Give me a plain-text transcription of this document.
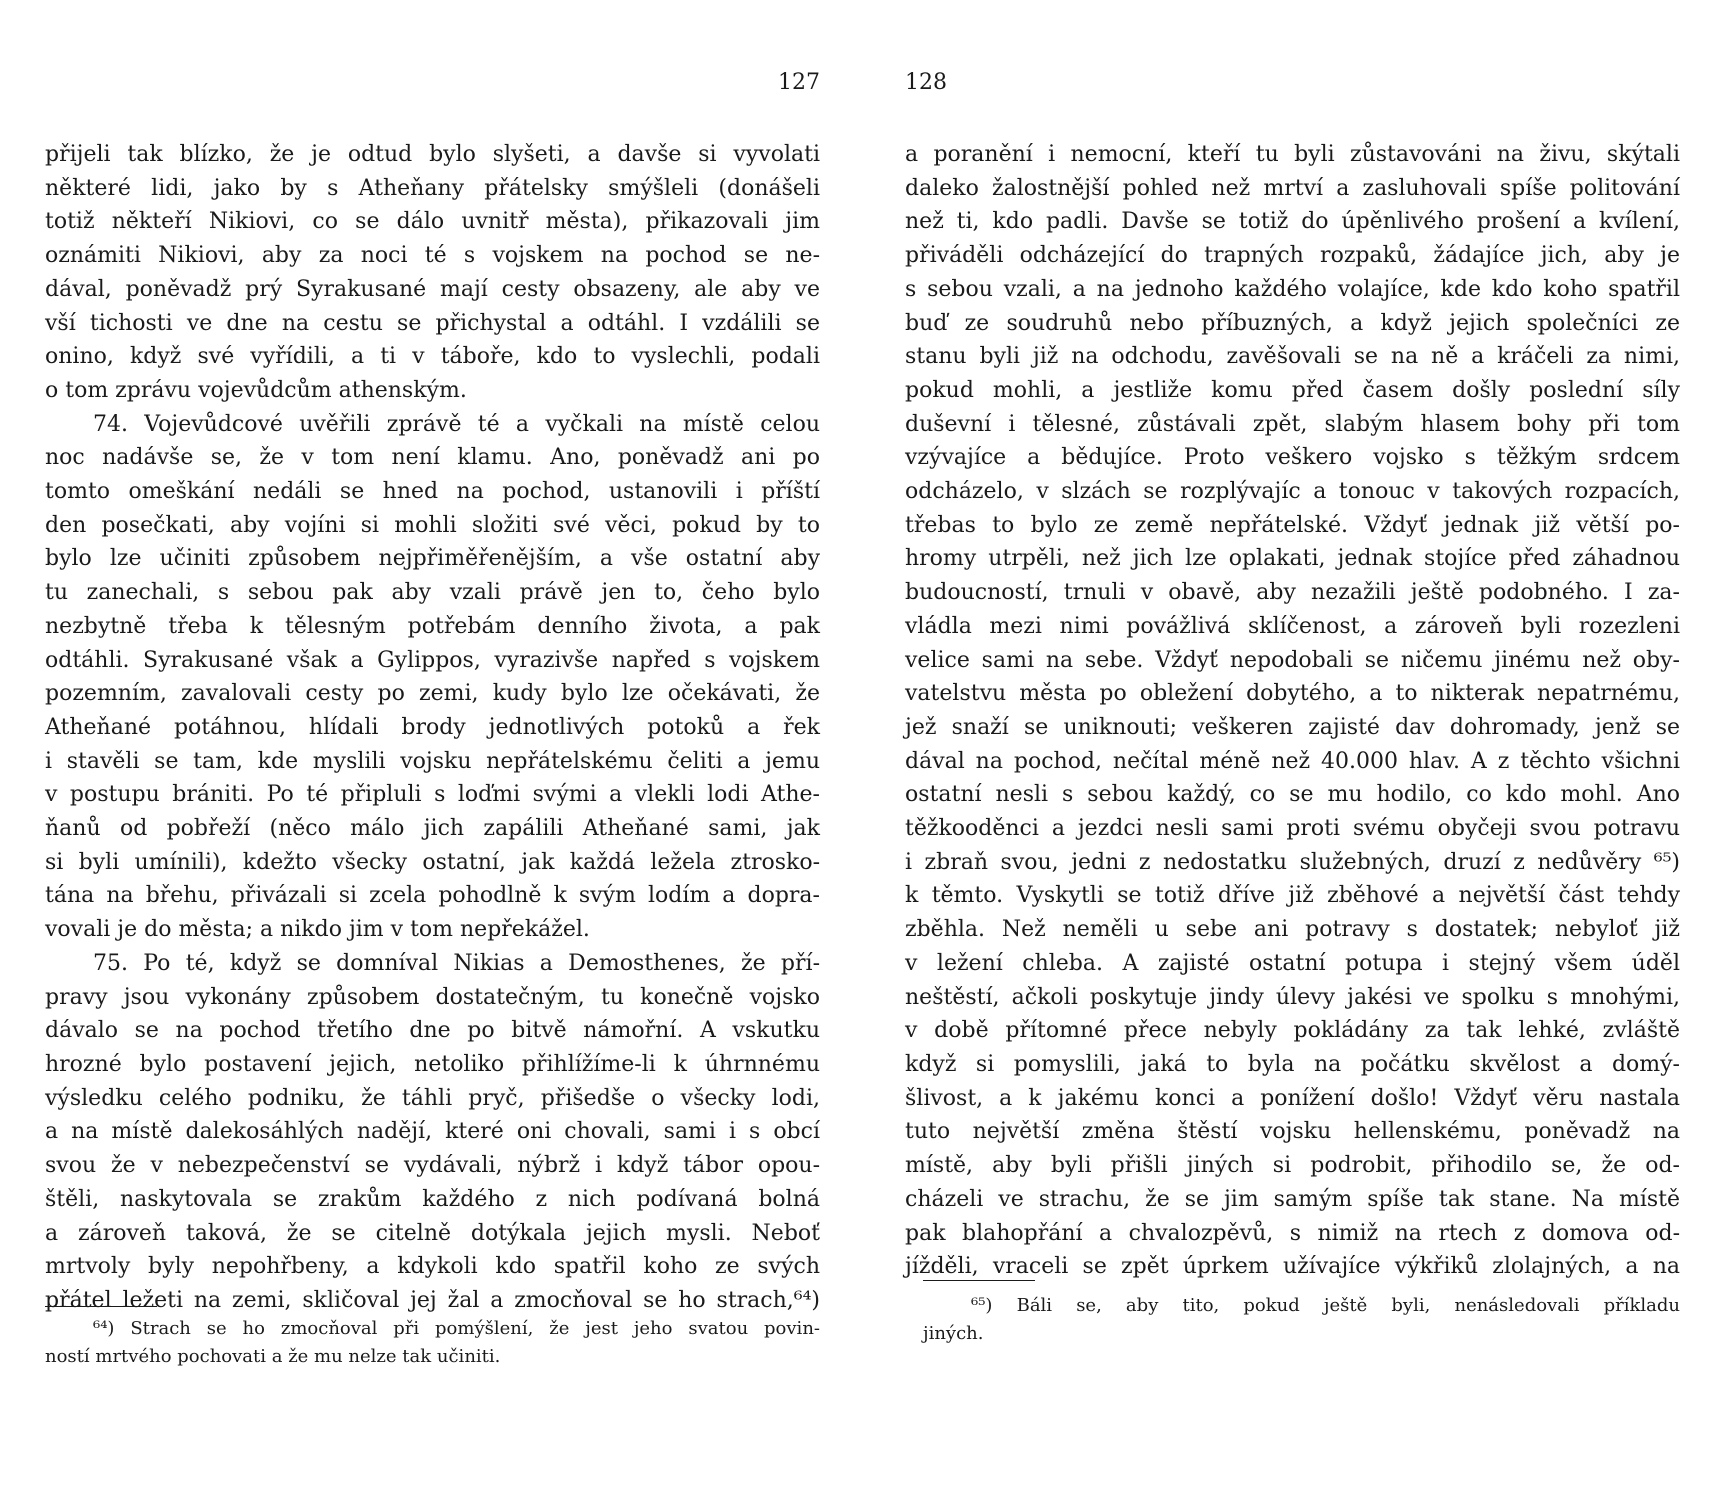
127
přijeli tak blízko, že je odtud bylo slyšeti, a davše si vyvolati
některé lidi, jako by s Atheňany přátelsky smýšleli (donášeli
totiž někteří Nikiovi, co se dálo uvnitř města), přikazovali jim
oznámiti Nikiovi, aby za noci té s vojskem na pochod se ne-
dával, poněvadž prý Syrakusané mají cesty obsazeny, ale aby ve
vší tichosti ve dne na cestu se přichystal a odtáhl. I vzdálili se
onino, když své vyřídili, a ti v táboře, kdo to vyslechli, podali
o tom zprávu vojevůdcům athenským.
74. Vojevůdcové uvěřili zprávě té a vyčkali na místě celou
noc nadávše se, že v tom není klamu. Ano, poněvadž ani po
tomto omeškání nedáli se hned na pochod, ustanovili i příští
den posečkati, aby vojíni si mohli složiti své věci, pokud by to
bylo lze učiniti způsobem nejpřiměřenějším, a vše ostatní aby
tu zanechali, s sebou pak aby vzali právě jen to, čeho bylo
nezbytně třeba k tělesným potřebám denního života, a pak
odtáhli. Syrakusané však a Gylippos, vyrazivše napřed s vojskem
pozemním, zavalovali cesty po zemi, kudy bylo lze očekávati, že
Atheňané potáhnou, hlídali brody jednotlivých potoků a řek
i stavěli se tam, kde myslili vojsku nepřátelskému čeliti a jemu
v postupu brániti. Po té připluli s loďmi svými a vlekli lodi Athe-
ňanů od pobřeží (něco málo jich zapálili Atheňané sami, jak
si byli umínili), kdežto všecky ostatní, jak každá ležela ztrosko-
tána na břehu, přivázali si zcela pohodlně k svým lodím a dopra-
vovali je do města; a nikdo jim v tom nepřekážel.
75. Po té, když se domníval Nikias a Demosthenes, že pří-
pravy jsou vykonány způsobem dostatečným, tu konečně vojsko
dávalo se na pochod třetího dne po bitvě námořní. A vskutku
hrozné bylo postavení jejich, netoliko přihlížíme-li k úhrnnému
výsledku celého podniku, že táhli pryč, přišedše o všecky lodi,
a na místě dalekosáhlých nadějí, které oni chovali, sami i s obcí
svou že v nebezpečenství se vydávali, nýbrž i když tábor opou-
štěli, naskytovala se zrakům každého z nich podívaná bolná
a zároveň taková, že se citelně dotýkala jejich mysli. Neboť
mrtvoly byly nepohřbeny, a kdykoli kdo spatřil koho ze svých
přátel ležeti na zemi, skličoval jej žal a zmocňoval se ho strach,⁶⁴)
⁶⁴) Strach se ho zmocňoval při pomýšlení, že jest jeho svatou povin-
ností mrtvého pochovati a že mu nelze tak učiniti.
128
a poranění i nemocní, kteří tu byli zůstavováni na živu, skýtali
daleko žalostnější pohled než mrtví a zasluhovali spíše politování
než ti, kdo padli. Davše se totiž do úpěnlivého prošení a kvílení,
přiváděli odcházející do trapných rozpaků, žádajíce jich, aby je
s sebou vzali, a na jednoho každého volajíce, kde kdo koho spatřil
buď ze soudruhů nebo příbuzných, a když jejich společníci ze
stanu byli již na odchodu, zavěšovali se na ně a kráčeli za nimi,
pokud mohli, a jestliže komu před časem došly poslední síly
duševní i tělesné, zůstávali zpět, slabým hlasem bohy při tom
vzývajíce a bědujíce. Proto veškero vojsko s těžkým srdcem
odcházelo, v slzách se rozplývajíc a tonouc v takových rozpacích,
třebas to bylo ze země nepřátelské. Vždyť jednak již větší po-
hromy utrpěli, než jich lze oplakati, jednak stojíce před záhadnou
budoucností, trnuli v obavě, aby nezažili ještě podobného. I za-
vládla mezi nimi povážlivá sklíčenost, a zároveň byli rozezleni
velice sami na sebe. Vždyť nepodobali se ničemu jinému než oby-
vatelstvu města po obležení dobytého, a to nikterak nepatrnému,
jež snaží se uniknouti; veškeren zajisté dav dohromady, jenž se
dával na pochod, nečítal méně než 40.000 hlav. A z těchto všichni
ostatní nesli s sebou každý, co se mu hodilo, co kdo mohl. Ano
těžkooděnci a jezdci nesli sami proti svému obyčeji svou potravu
i zbraň svou, jedni z nedostatku služebných, druzí z nedůvěry ⁶⁵)
k těmto. Vyskytli se totiž dříve již zběhové a největší část tehdy
zběhla. Než neměli u sebe ani potravy s dostatek; nebyloť již
v ležení chleba. A zajisté ostatní potupa i stejný všem úděl
neštěstí, ačkoli poskytuje jindy úlevy jakési ve spolku s mnohými,
v době přítomné přece nebyly pokládány za tak lehké, zvláště
když si pomyslili, jaká to byla na počátku skvělost a domý-
šlivost, a k jakému konci a ponížení došlo! Vždyť věru nastala
tuto největší změna štěstí vojsku hellenskému, poněvadž na
místě, aby byli přišli jiných si podrobit, přihodilo se, že od-
cházeli ve strachu, že se jim samým spíše tak stane. Na místě
pak blahopřání a chvalozpěvů, s nimiž na rtech z domova od-
jížděli, vraceli se zpět úprkem užívajíce výkřiků zlolajných, a na
⁶⁵) Báli se, aby tito, pokud ještě byli, nenásledovali příkladu
jiných.
